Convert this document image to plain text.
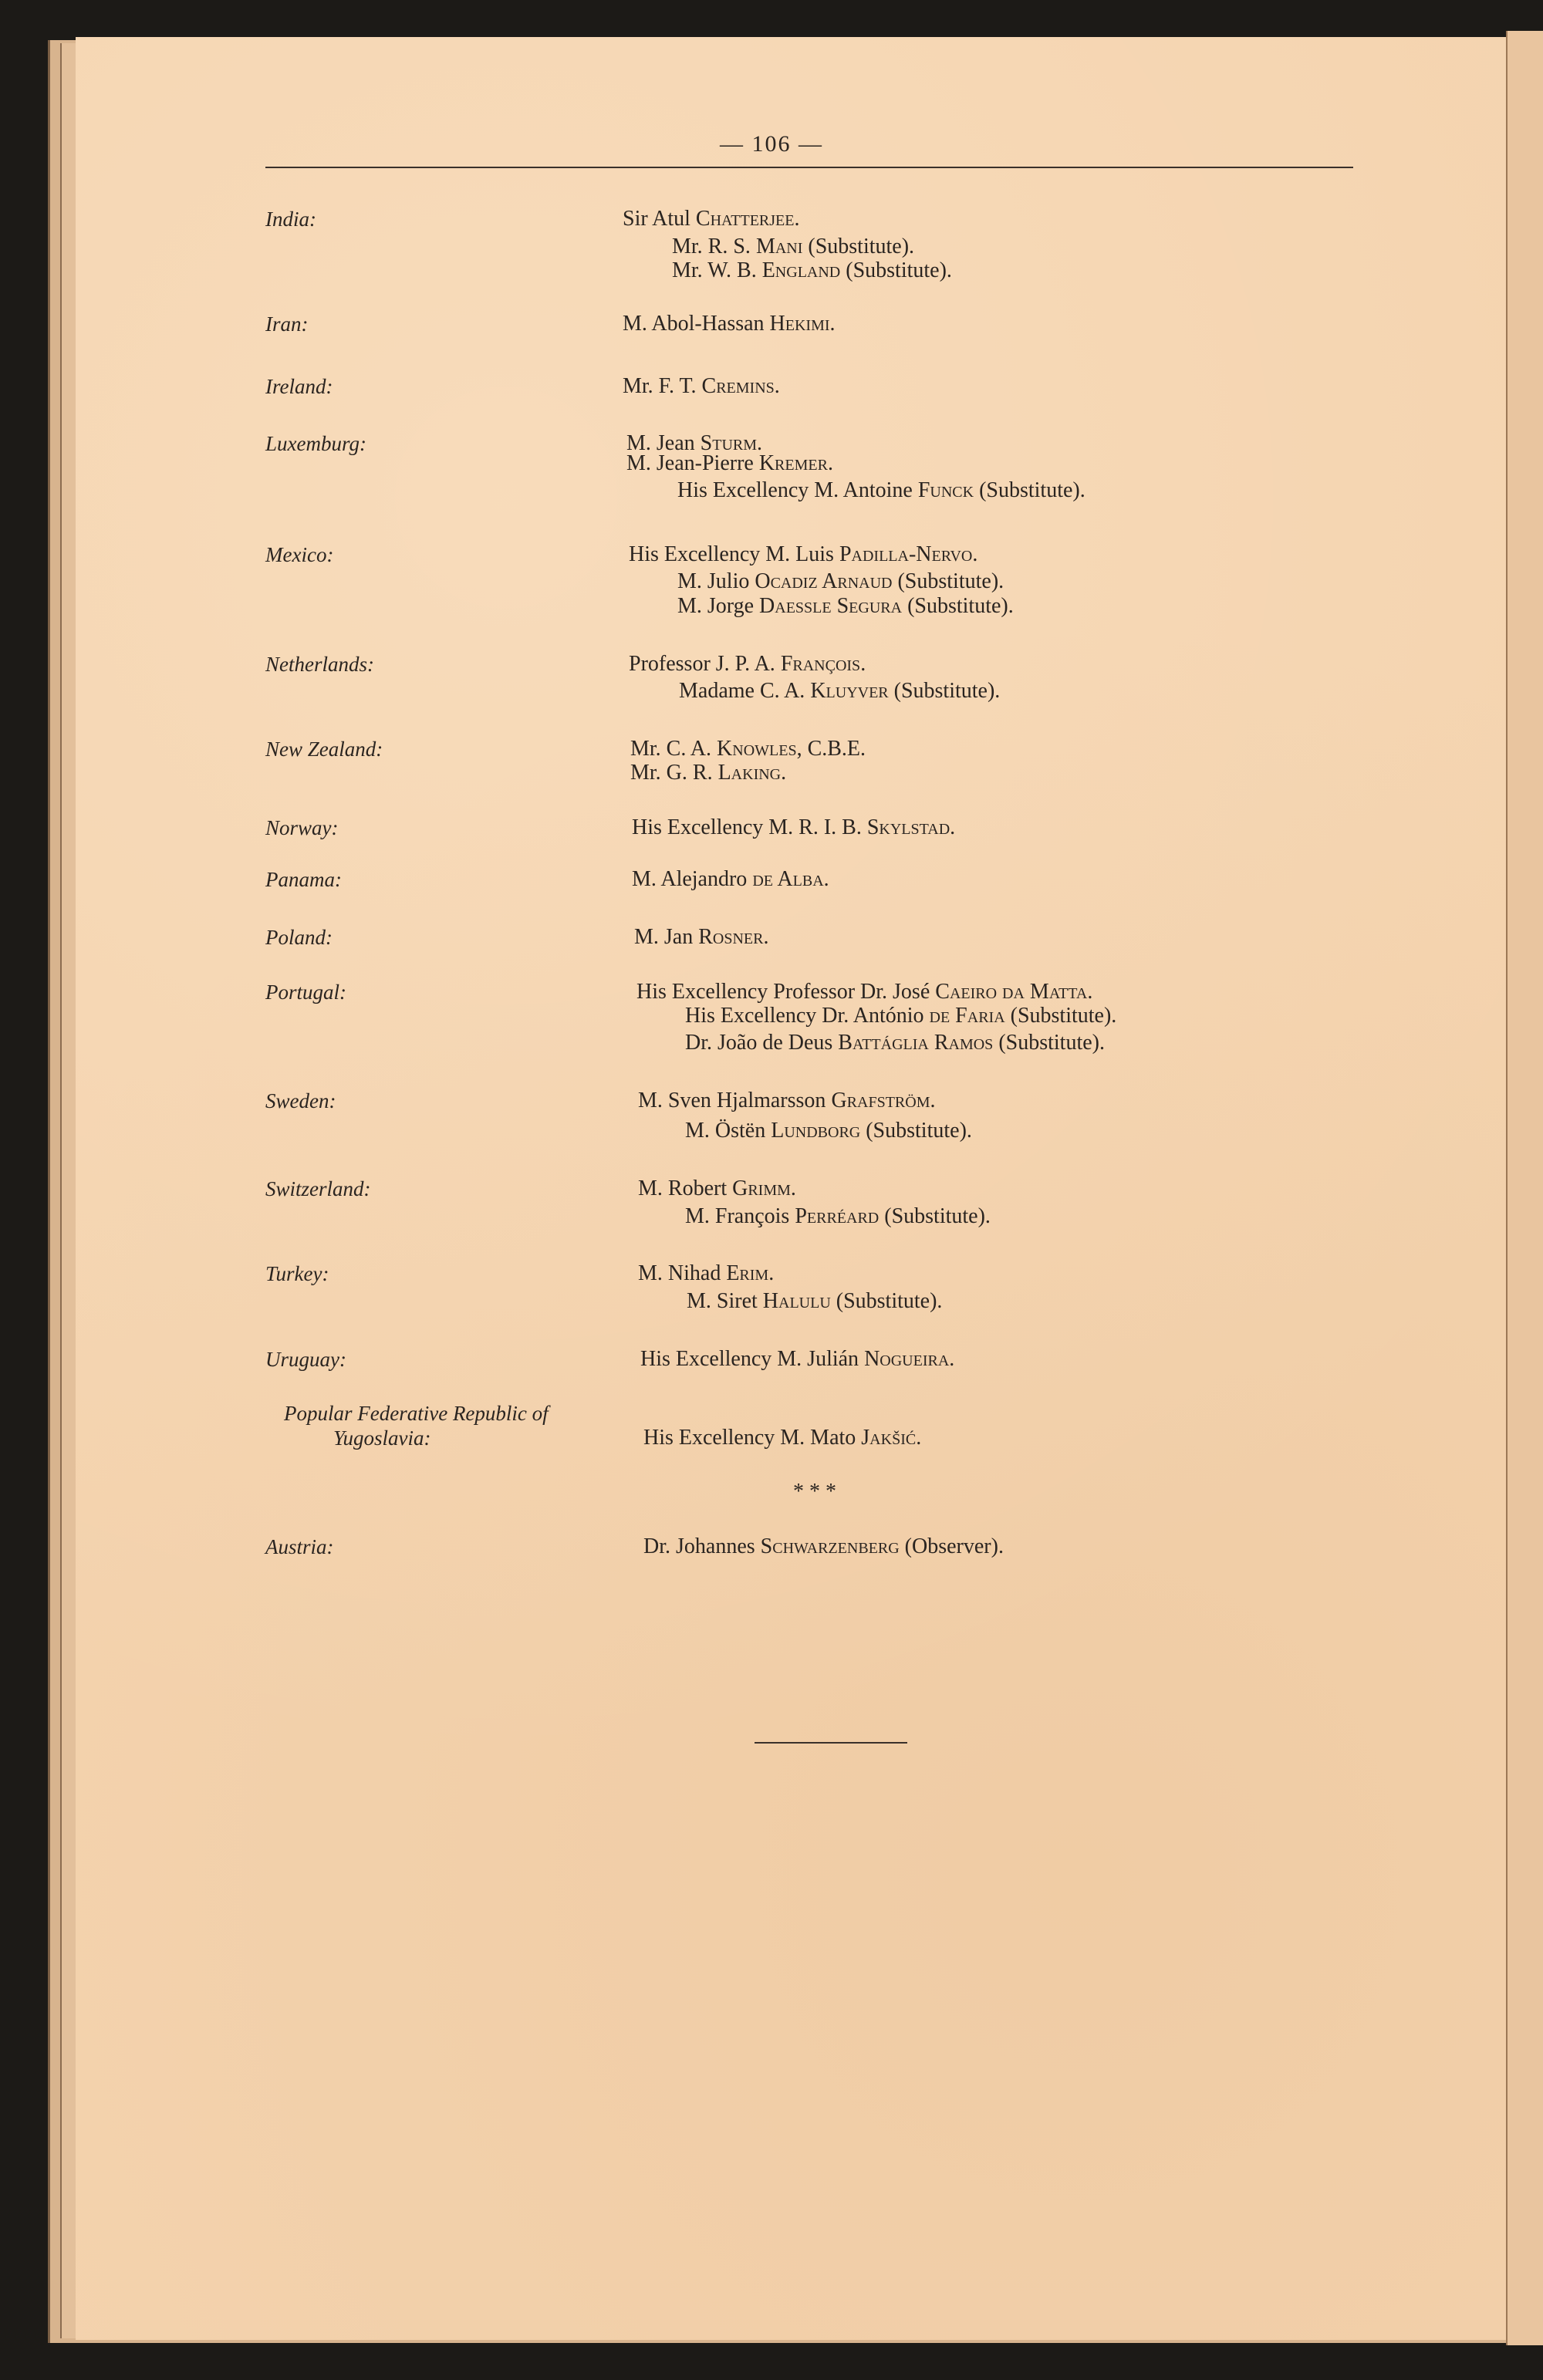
— 106 —
India:	Sir Atul Chatterjee.
Mr. R. S. Mani (Substitute).
Mr. W. B. England (Substitute).
Iran:	M. Abol-Hassan Hekimi.
Ireland:	Mr. F. T. Cremins.
Luxemburg:	M. Jean Sturm.
M. Jean-Pierre Kremer.
His Excellency M. Antoine Funck (Substitute).
Mexico:	His Excellency M. Luis Padilla-Nervo.
M. Julio Ocadiz Arnaud (Substitute).
M. Jorge Daessle Segura (Substitute).
Netherlands:	Professor J. P. A. François.
Madame C. A. Kluyver (Substitute).
New Zealand:	Mr. C. A. Knowles, C.B.E.
Mr. G. R. Laking.
Norway:	His Excellency M. R. I. B. Skylstad.
Panama:	M. Alejandro de Alba.
Poland:	M. Jan Rosner.
Portugal:	His Excellency Professor Dr. José Caeiro da Matta.
His Excellency Dr. António de Faria (Substitute).
Dr. João de Deus Battáglia Ramos (Substitute).
Sweden:	M. Sven Hjalmarsson Grafström.
M. Östën Lundborg (Substitute).
Switzerland:	M. Robert Grimm.
M. François Perréard (Substitute).
Turkey:	M. Nihad Erim.
M. Siret Halulu (Substitute).
Uruguay:	His Excellency M. Julián Nogueira.
Popular Federative Republic of
Yugoslavia:	His Excellency M. Mato Jakšić.
Austria:	Dr. Johannes Schwarzenberg (Observer).
* * *
